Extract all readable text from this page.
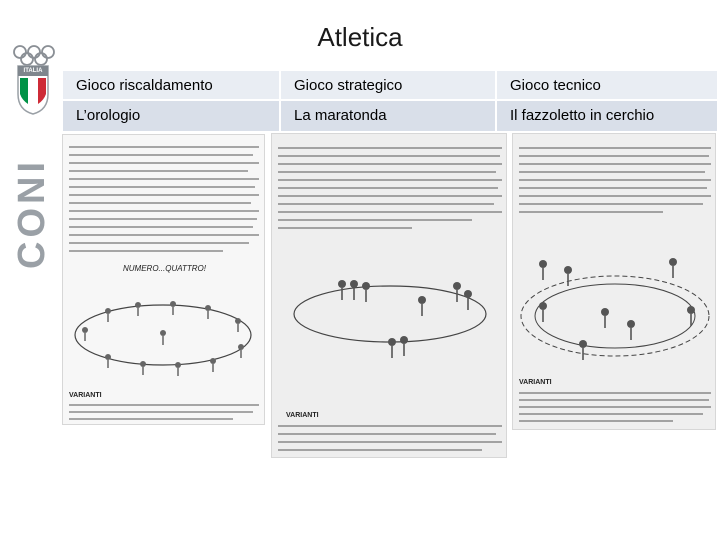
ITALIA
CONI
Atletica
Gioco riscaldamento	Gioco strategico	Gioco tecnico
L’orologio	La maratonda	Il fazzoletto in cerchio
NUMERO...QUATTRO!
VARIANTI
VARIANTI
VARIANTI
